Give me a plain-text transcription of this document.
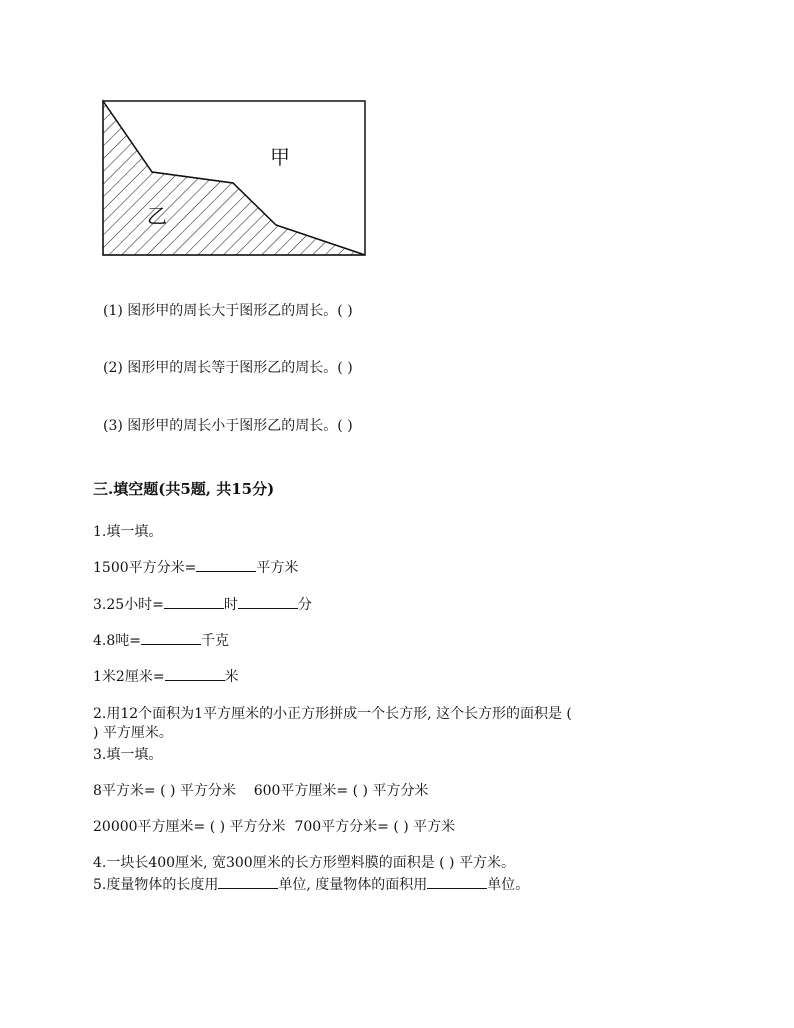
甲
乙
(1) 图形甲的周长大于图形乙的周长。( )
(2) 图形甲的周长等于图形乙的周长。( )
(3) 图形甲的周长小于图形乙的周长。( )
三.填空题(共5题, 共15分)
1.填一填。
1500平方分米=	平方米
3.25小时=	时	分
4.8吨=	千克
1米2厘米=	米
2.用12个面积为1平方厘米的小正方形拼成一个长方形, 这个长方形的面积是 (
) 平方厘米。
3.填一填。
8平方米= ( ) 平方分米    600平方厘米= ( ) 平方分米
20000平方厘米= ( ) 平方分米  700平方分米= ( ) 平方米
4.一块长400厘米, 宽300厘米的长方形塑料膜的面积是 ( ) 平方米。
5.度量物体的长度用	单位, 度量物体的面积用	单位。
